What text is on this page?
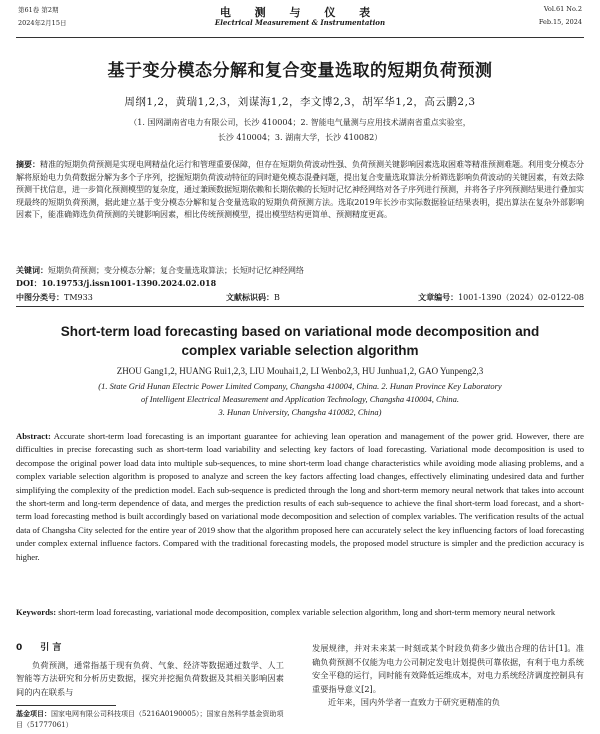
第61卷 第2期
2024年2月15日
电 测 与 仪 表
Electrical Measurement & Instrumentation
Vol.61 No.2
Feb.15, 2024
基于变分模态分解和复合变量选取的短期负荷预测
周纲1,2，黄瑞1,2,3，刘谋海1,2，李文博2,3，胡军华1,2，高云鹏2,3
（1. 国网湖南省电力有限公司，长沙 410004；2. 智能电气量测与应用技术湖南省重点实验室，
长沙 410004；3. 湖南大学，长沙 410082）
摘要：精准的短期负荷预测是实现电网精益化运行和管理重要保障，但存在短期负荷波动性强、负荷预测关键影响因素选取困难等精准预测难题。利用变分模态分解将原始电力负荷数据分解为多个子序列，挖掘短期负荷波动特征的同时避免模态混叠问题，提出复合变量选取算法分析筛选影响负荷波动的关键因素，有效去除预测干扰信息，进一步简化预测模型的复杂度，通过兼顾数据短期依赖和长期依赖的长短时记忆神经网络对各子序列进行预测，并将各子序列预测结果进行叠加实现最终的短期负荷预测，据此建立基于变分模态分解和复合变量选取的短期负荷预测方法。选取2019年长沙市实际数据验证结果表明，提出算法在复杂外部影响因素下，能准确筛选负荷预测的关键影响因素，相比传统预测模型，提出模型结构更简单、预测精度更高。
关键词：短期负荷预测；变分模态分解；复合变量选取算法；长短时记忆神经网络
DOI：10.19753/j.issn1001-1390.2024.02.018
中图分类号：TM933	文献标识码：B	文章编号：1001-1390（2024）02-0122-08
Short-term load forecasting based on variational mode decomposition and
complex variable selection algorithm
ZHOU Gang1,2, HUANG Rui1,2,3, LIU Mouhai1,2, LI Wenbo2,3, HU Junhua1,2, GAO Yunpeng2,3
(1. State Grid Hunan Electric Power Limited Company, Changsha 410004, China. 2. Hunan Province Key Laboratory
of Intelligent Electrical Measurement and Application Technology, Changsha 410004, China.
3. Hunan University, Changsha 410082, China)
Abstract: Accurate short-term load forecasting is an important guarantee for achieving lean operation and management of the power grid. However, there are difficulties in precise forecasting such as short-term load variability and selecting key factors of load forecasting. Variational mode decomposition is used to decompose the original power load data into multiple sub-sequences, to mine short-term load change characteristics while avoiding mode aliasing problems, and a complex variable selection algorithm is proposed to analyze and screen the key factors affecting load changes, effectively eliminating undesired data and further simplifying the complexity of the prediction model. Each sub-sequence is predicted through the long and short-term memory neural network that takes into account the short-term and long-term dependence of data, and merges the prediction results of each sub-sequence to achieve the final short-term load forecast, and a short-term load forecasting method is built accordingly based on variational mode decomposition and selection of complex variables. The verification results of the actual data of Changsha City selected for the entire year of 2019 show that the algorithm proposed here can accurately select the key influencing factors of load forecasting under complex external influence factors. Compared with the traditional forecasting models, the proposed model structure is simpler and the prediction accuracy is higher.
Keywords: short-term load forecasting, variational mode decomposition, complex variable selection algorithm, long and short-term memory neural network
0 引 言
负荷预测，通常指基于现有负荷、气象、经济等数据通过数学、人工智能等方法研究和分析历史数据，探究并挖掘负荷数据及其相关影响因素间的内在联系与
基金项目：国家电网有限公司科技项目（5216A0190005）；国家自然科学基金资助项目（51777061）
发展规律，并对未来某一时刻或某个时段负荷多少做出合理的估计[1]。准确负荷预测不仅能为电力公司制定发电计划提供可靠依据，有利于电力系统安全平稳的运行，同时能有效降低运维成本，对电力系统经济调度控制具有重要指导意义[2]。
近年来，国内外学者一直致力于研究更精准的负
